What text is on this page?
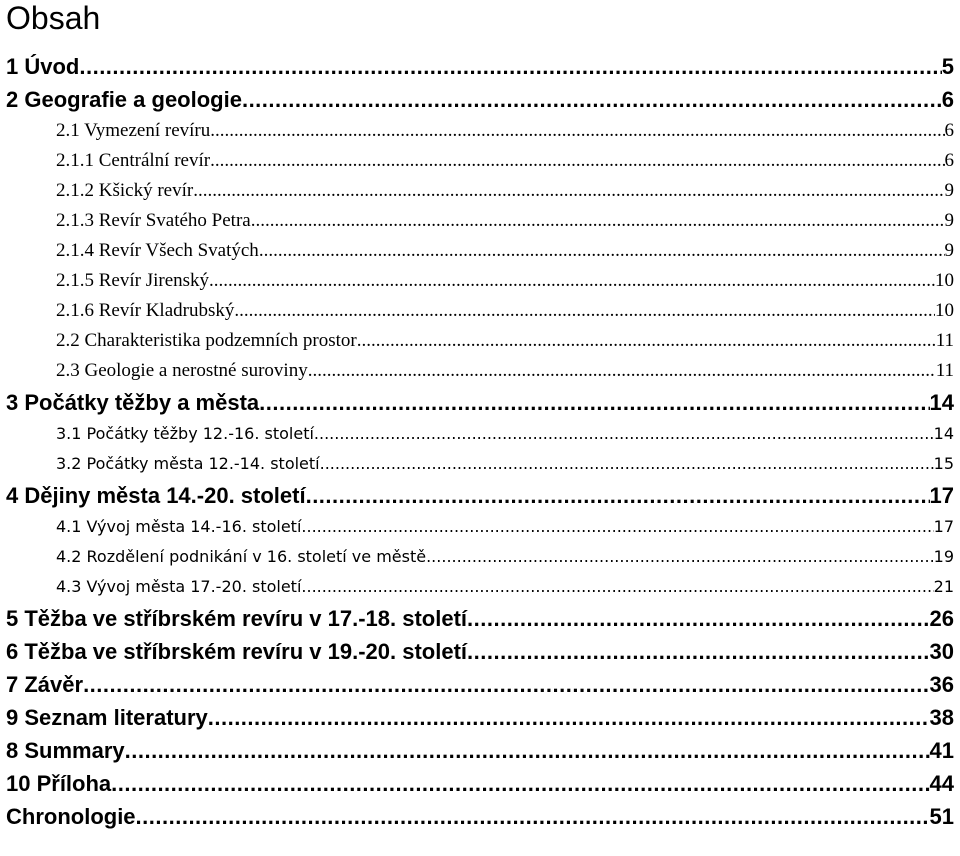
Obsah
1 Úvod .....	5
2 Geografie a geologie .....	6
2.1 Vymezení revíru .....	6
2.1.1 Centrální revír .....	6
2.1.2 Kšický revír .....	9
2.1.3 Revír Svatého Petra .....	9
2.1.4 Revír Všech Svatých .....	9
2.1.5 Revír Jirenský .....	10
2.1.6 Revír Kladrubský .....	10
2.2 Charakteristika podzemních prostor .....	11
2.3 Geologie a nerostné suroviny .....	11
3 Počátky těžby a města .....	14
3.1 Počátky těžby 12.-16. století .....	14
3.2 Počátky města 12.-14. století .....	15
4 Dějiny města 14.-20. století .....	17
4.1 Vývoj města 14.-16. století .....	17
4.2 Rozdělení podnikání v 16. století ve městě .....	19
4.3 Vývoj města 17.-20. století .....	21
5 Těžba ve stříbrském revíru v 17.-18. století .....	26
6 Těžba ve stříbrském revíru v 19.-20. století .....	30
7 Závěr .....	36
9 Seznam literatury .....	38
8 Summary .....	41
10 Příloha .....	44
Chronologie .....	51
